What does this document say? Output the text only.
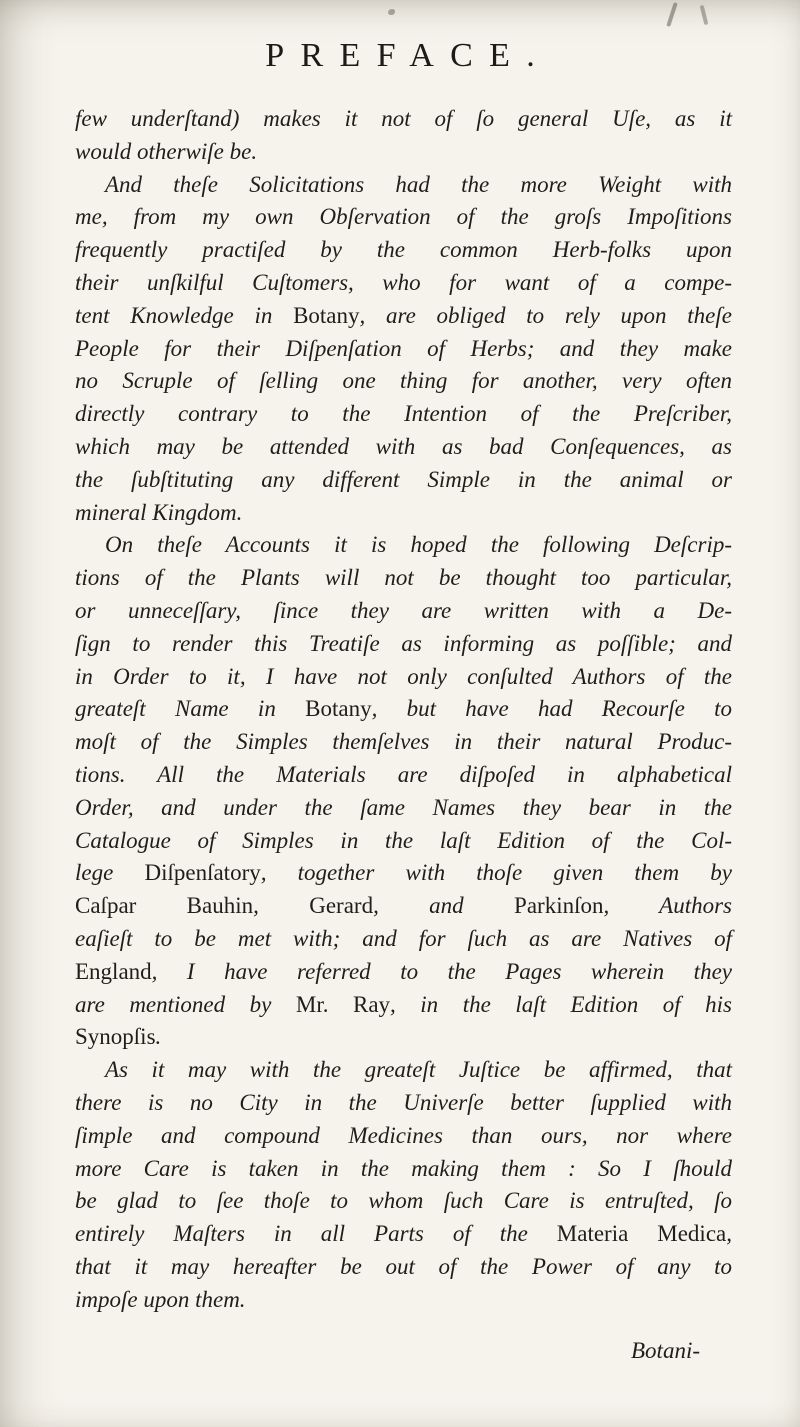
PREFACE.
few underſtand) makes it not of ſo general Uſe, as it
would otherwiſe be.
And theſe Solicitations had the more Weight with
me, from my own Obſervation of the groſs Impoſitions
frequently practiſed by the common Herb-folks upon
their unſkilful Cuſtomers, who for want of a compe-
tent Knowledge in Botany, are obliged to rely upon theſe
People for their Diſpenſation of Herbs; and they make
no Scruple of ſelling one thing for another, very often
directly contrary to the Intention of the Preſcriber,
which may be attended with as bad Conſequences, as
the ſubſtituting any different Simple in the animal or
mineral Kingdom.
On theſe Accounts it is hoped the following Deſcrip-
tions of the Plants will not be thought too particular,
or unneceſſary, ſince they are written with a De-
ſign to render this Treatiſe as informing as poſſible; and
in Order to it, I have not only conſulted Authors of the
greateſt Name in Botany, but have had Recourſe to
moſt of the Simples themſelves in their natural Produc-
tions. All the Materials are diſpoſed in alphabetical
Order, and under the ſame Names they bear in the
Catalogue of Simples in the laſt Edition of the Col-
lege Diſpenſatory, together with thoſe given them by
Caſpar Bauhin, Gerard, and Parkinſon, Authors
eaſieſt to be met with; and for ſuch as are Natives of
England, I have referred to the Pages wherein they
are mentioned by Mr. Ray, in the laſt Edition of his
Synopſis.
As it may with the greateſt Juſtice be affirmed, that
there is no City in the Univerſe better ſupplied with
ſimple and compound Medicines than ours, nor where
more Care is taken in the making them : So I ſhould
be glad to ſee thoſe to whom ſuch Care is entruſted, ſo
entirely Maſters in all Parts of the Materia Medica,
that it may hereafter be out of the Power of any to
impoſe upon them.
Botani-
